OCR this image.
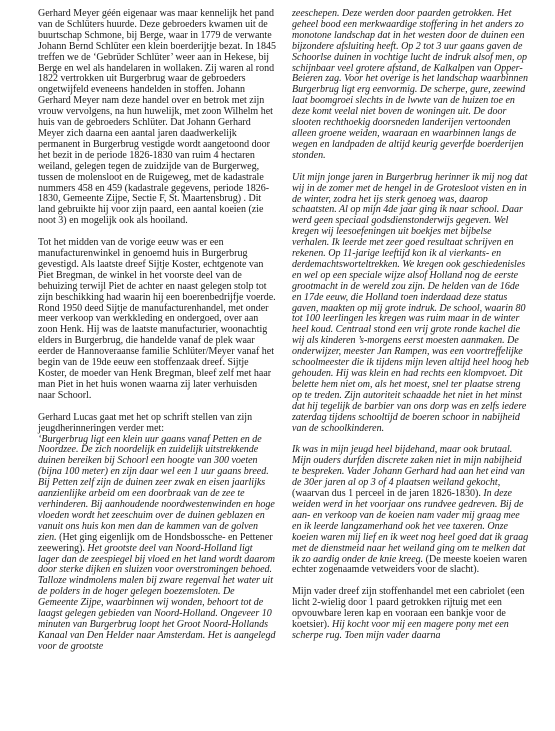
Gerhard Meyer géén eigenaar was maar kennelijk het pand van de Schlüters huurde. Deze gebroeders kwamen uit de buurtschap Schmone, bij Berge, waar in 1779 de verwante Johann Bernd Schlüter een klein boerderijtje bezat. In 1845 treffen we de ‘Gebrüder Schlüter’ weer aan in Hekese, bij Berge en wel als handelaren in wollaken. Zij waren al rond 1822 vertrokken uit Burgerbrug waar de gebroeders ongetwijfeld eveneens handelden in stoffen. Johann Gerhard Meyer nam deze handel over en betrok met zijn vrouw vervolgens, na hun huwelijk, met zoon Wilhelm het huis van de gebroeders Schlüter. Dat Johann Gerhard Meyer zich daarna een aantal jaren daadwerkelijk permanent in Burgerbrug vestigde wordt aangetoond door het bezit in de periode 1826-1830 van ruim 4 hectaren weiland, gelegen tegen de zuidzijde van de Burgerweg, tussen de molensloot en de Ruigeweg, met de kadastrale nummers 458 en 459 (kadastrale gegevens, periode 1826-1830, Gemeente Zijpe, Sectie F, St. Maartensbrug) . Dit land gebruikte hij voor zijn paard, een aantal koeien (zie noot 3) en mogelijk ook als hooiland.

Tot het midden van de vorige eeuw was er een manufacturenwinkel in genoemd huis in Burgerbrug gevestigd. Als laatste dreef Sijtje Koster, echtgenote van Piet Bregman, de winkel in het voorste deel van de behuizing terwijl Piet de achter en naast gelegen stolp tot zijn beschikking had waarin hij een boerenbedrijfje voerde. Rond 1950 deed Sijtje de manufacturenhandel, met onder meer verkoop van werkkleding en ondergoed, over aan zoon Henk. Hij was de laatste manufacturier, woonachtig elders in Burgerbrug, die handelde vanaf de plek waar eerder de Hannoveraanse familie Schlüter/Meyer vanaf het begin van de 19de eeuw een stoffenzaak dreef. Sijtje Koster, de moeder van Henk Bregman, bleef zelf met haar man Piet in het huis wonen waarna zij later verhuisden naar Schoorl.

Gerhard Lucas gaat met het op schrift stellen van zijn jeugdherinneringen verder met:
‘Burgerbrug ligt een klein uur gaans vanaf Petten en de Noordzee. De zich noordelijk en zuidelijk uitstrekkende duinen bereiken bij Schoorl een hoogte van 300 voeten (bijna 100 meter) en zijn daar wel een 1 uur gaans breed. Bij Petten zelf zijn de duinen zeer zwak en eisen jaarlijks aanzienlijke arbeid om een doorbraak van de zee te verhinderen. Bij aanhoudende noordwestenwinden en hoge vloeden wordt het zeeschuim over de duinen geblazen en vanuit ons huis kon men dan de kammen van de golven zien. (Het ging eigenlijk om de Hondsbossche- en Pettener zeewering). Het grootste deel van Noord-Holland ligt lager dan de zeespiegel bij vloed en het land wordt daarom door sterke dijken en sluizen voor overstromingen behoed. Talloze windmolens malen bij zware regenval het water uit de polders in de hoger gelegen boezemsloten. De Gemeente Zijpe, waarbinnen wij wonden, behoort tot de laagst gelegen gebieden van Noord-Holland. Ongeveer 10 minuten van Burgerbrug loopt het Groot Noord-Hollands Kanaal van Den Helder naar Amsterdam. Het is aangelegd voor de grootste

zeeschepen. Deze werden door paarden getrokken. Het geheel bood een merkwaardige stoffering in het anders zo monotone landschap dat in het westen door de duinen een bijzondere afsluiting heeft. Op 2 tot 3 uur gaans gaven de Schoorlse duinen in vochtige lucht de indruk alsof men, op schijnbaar veel grotere afstand, de Kalkalpen van Opper-Beieren zag. Voor het overige is het landschap waarbinnen Burgerbrug ligt erg eenvormig. De scherpe, gure, zeewind laat boomgroei slechts in de lwwte van de huizen toe en deze komt veelal niet boven de woningen uit. De door slooten rechthoekig doorsneden landerijen vertoonden alleen groene weiden, waaraan en waarbinnen langs de wegen en landpaden de altijd keurig geverfde boerderijen stonden.

Uit mijn jonge jaren in Burgerbrug herinner ik mij nog dat wij in de zomer met de hengel in de Grotesloot visten en in de winter, zodra het ijs sterk genoeg was, daarop schaatsten. Al op mijn 4de jaar ging ik naar school. Daar werd geen speciaal godsdienstonderwijs gegeven. Wel kregen wij leesoefeningen uit boekjes met bijbelse verhalen. Ik leerde met zeer goed resultaat schrijven en rekenen. Op 11-jarige leeftijd kon ik al vierkants- en derdemachtsworteltrekken. We kregen ook geschiedenisles en wel op een speciale wijze alsof Holland nog de eerste grootmacht in de wereld zou zijn. De helden van de 16de en 17de eeuw, die Holland toen inderdaad deze status gaven, maakten op mij grote indruk. De school, waarin 80 tot 100 leerlingen les kregen was ruim maar in de winter heel koud. Centraal stond een vrij grote ronde kachel die wij als kinderen ’s-morgens eerst moesten aanmaken. De onderwijzer, meester Jan Rampen, was een voortreffelijke schoolmeester die ik tijdens mijn leven altijd heel hoog heb gehouden. Hij was klein en had rechts een klompvoet. Dit belette hem niet om, als het moest, snel ter plaatse streng op te treden. Zijn autoriteit schaadde het niet in het minst dat hij tegelijk de barbier van ons dorp was en zelfs iedere zaterdag tijdens schooltijd de boeren schoor in nabijheid van de schoolkinderen.

Ik was in mijn jeugd heel bijdehand, maar ook brutaal. Mijn ouders durfden discrete zaken niet in mijn nabijheid te bespreken. Vader Johann Gerhard had aan het eind van de 30er jaren al op 3 of 4 plaatsen weiland gekocht, (waarvan dus 1 perceel in de jaren 1826-1830). In deze weiden werd in het voorjaar ons rundvee gedreven. Bij de aan- en verkoop van de koeien nam vader mij graag mee en ik leerde langzamerhand ook het vee taxeren. Onze koeien waren mij lief en ik weet nog heel goed dat ik graag met de dienstmeid naar het weiland ging om te melken dat ik zo aardig onder de knie kreeg. (De meeste koeien waren echter zogenaamde vetweiders voor de slacht).

Mijn vader dreef zijn stoffenhandel met een cabriolet (een licht 2-wielig door 1 paard getrokken rijtuig met een opvouwbare leren kap en vooraan een bankje voor de koetsier). Hij kocht voor mij een magere pony met een scherpe rug. Toen mijn vader daarna
